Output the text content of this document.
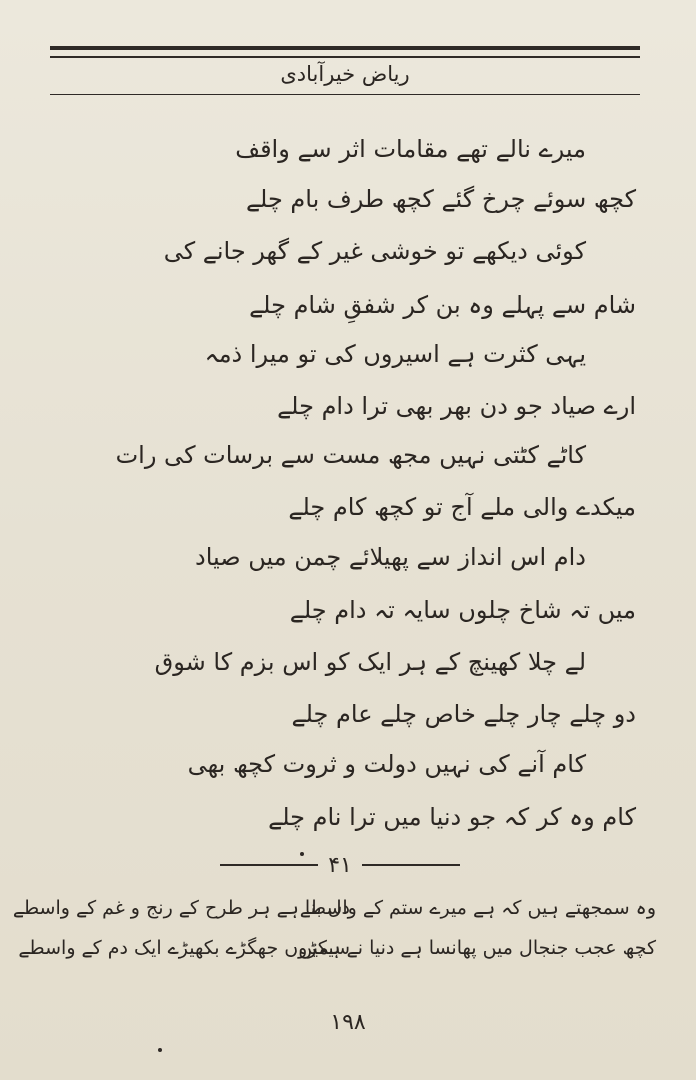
ریاض خیرآبادی
میرے نالے تھے مقامات اثر سے واقف
کچھ سوئے چرخ گئے کچھ طرف بام چلے
کوئی دیکھے تو خوشی غیر کے گھر جانے کی
شام سے پہلے وہ بن کر شفقِ شام چلے
یہی کثرت ہے اسیروں کی تو میرا ذمہ
ارے صیاد جو دن بھر بھی ترا دام چلے
کاٹے کٹتی نہیں مجھ مست سے برسات کی رات
میکدے والی ملے آج تو کچھ کام چلے
دام اس انداز سے پھیلائے چمن میں صیاد
میں تہ شاخ چلوں سایہ تہ دام چلے
لے چلا کھینچ کے ہر ایک کو اس بزم کا شوق
دو چلے چار چلے خاص چلے عام چلے
کام آنے کی نہیں دولت و ثروت کچھ بھی
کام وہ کر کہ جو دنیا میں ترا نام چلے
۴۱
وہ سمجھتے ہیں کہ ہے میرے ستم کے واسطے
کچھ عجب جنجال میں پھانسا ہے دنیا نے ہمیں
دل بنا ہے ہر طرح کے رنج و غم کے واسطے
سیکڑوں جھگڑے بکھیڑے ایک دم کے واسطے
۱۹۸
